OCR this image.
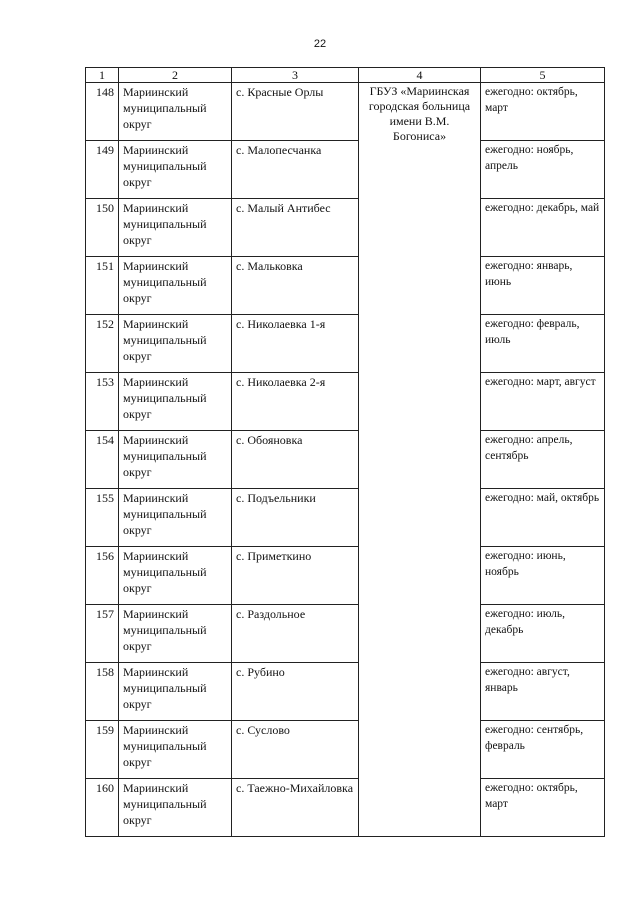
22
1	2	3	4	5
148	Мариинский муниципальный округ	с. Красные Орлы	ГБУЗ «Мариинская городская больница имени В.М. Богониса»	ежегодно: октябрь, март
149	Мариинский муниципальный округ	с. Малопесчанка		ежегодно: ноябрь, апрель
150	Мариинский муниципальный округ	с. Малый Антибес		ежегодно: декабрь, май
151	Мариинский муниципальный округ	с. Мальковка		ежегодно: январь, июнь
152	Мариинский муниципальный округ	с. Николаевка 1-я		ежегодно: февраль, июль
153	Мариинский муниципальный округ	с. Николаевка 2-я		ежегодно: март, август
154	Мариинский муниципальный округ	с. Обояновка		ежегодно: апрель, сентябрь
155	Мариинский муниципальный округ	с. Подъельники		ежегодно: май, октябрь
156	Мариинский муниципальный округ	с. Приметкино		ежегодно: июнь, ноябрь
157	Мариинский муниципальный округ	с. Раздольное		ежегодно: июль, декабрь
158	Мариинский муниципальный округ	с. Рубино		ежегодно: август, январь
159	Мариинский муниципальный округ	с. Суслово		ежегодно: сентябрь, февраль
160	Мариинский муниципальный округ	с. Таежно-Михайловка		ежегодно: октябрь, март
